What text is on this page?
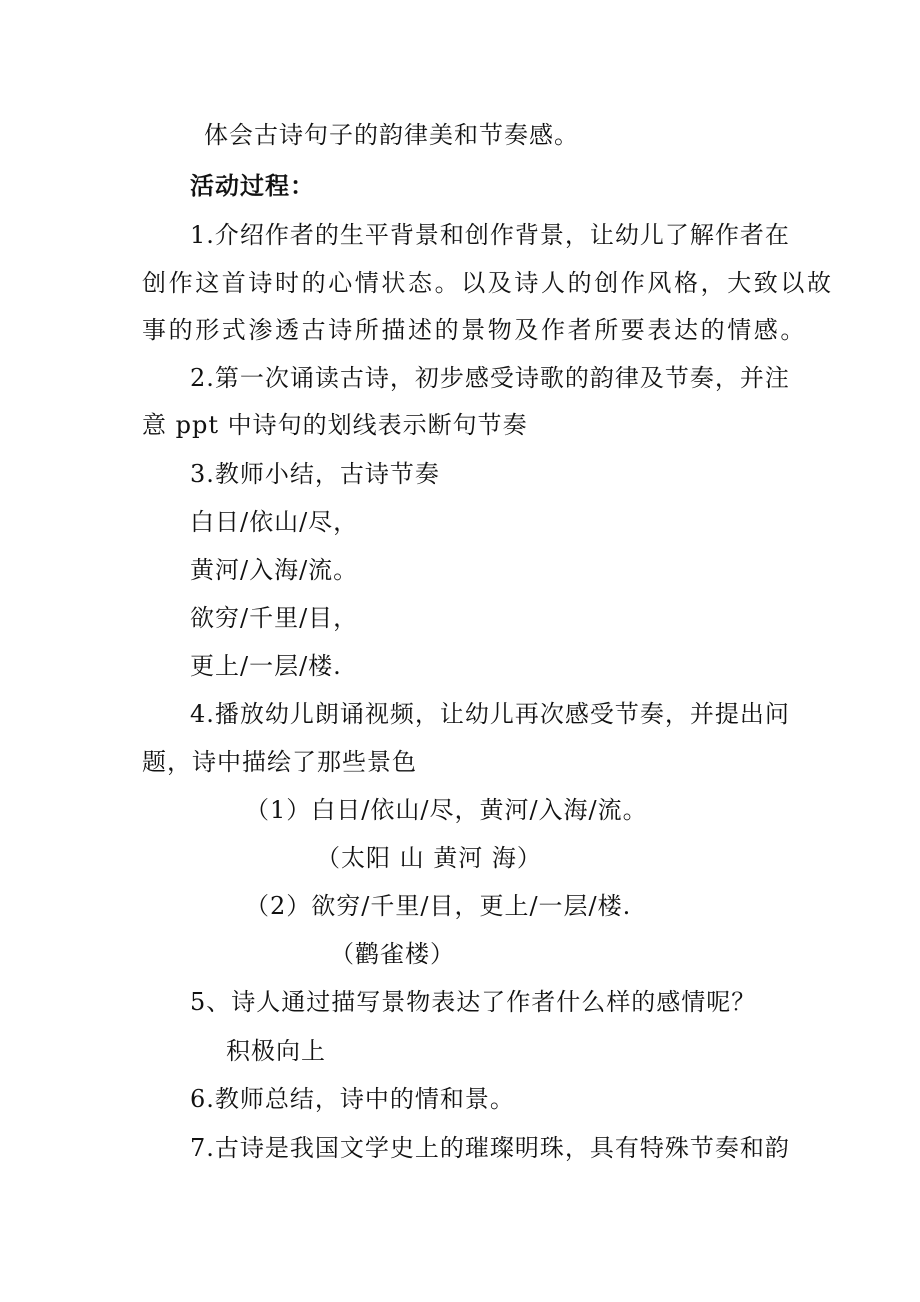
体会古诗句子的韵律美和节奏感。
活动过程：
1.介绍作者的生平背景和创作背景，让幼儿了解作者在
创作这首诗时的心情状态。以及诗人的创作风格，大致以故
事的形式渗透古诗所描述的景物及作者所要表达的情感。
2.第一次诵读古诗，初步感受诗歌的韵律及节奏，并注
意 ppt 中诗句的划线表示断句节奏
3.教师小结，古诗节奏
白日/依山/尽，
黄河/入海/流。
欲穷/千里/目，
更上/一层/楼.
4.播放幼儿朗诵视频，让幼儿再次感受节奏，并提出问
题，诗中描绘了那些景色
（1）白日/依山/尽，黄河/入海/流。
（太阳 山 黄河 海）
（2）欲穷/千里/目，更上/一层/楼.
（鹳雀楼）
5、诗人通过描写景物表达了作者什么样的感情呢？
积极向上
6.教师总结，诗中的情和景。
7.古诗是我国文学史上的璀璨明珠，具有特殊节奏和韵
